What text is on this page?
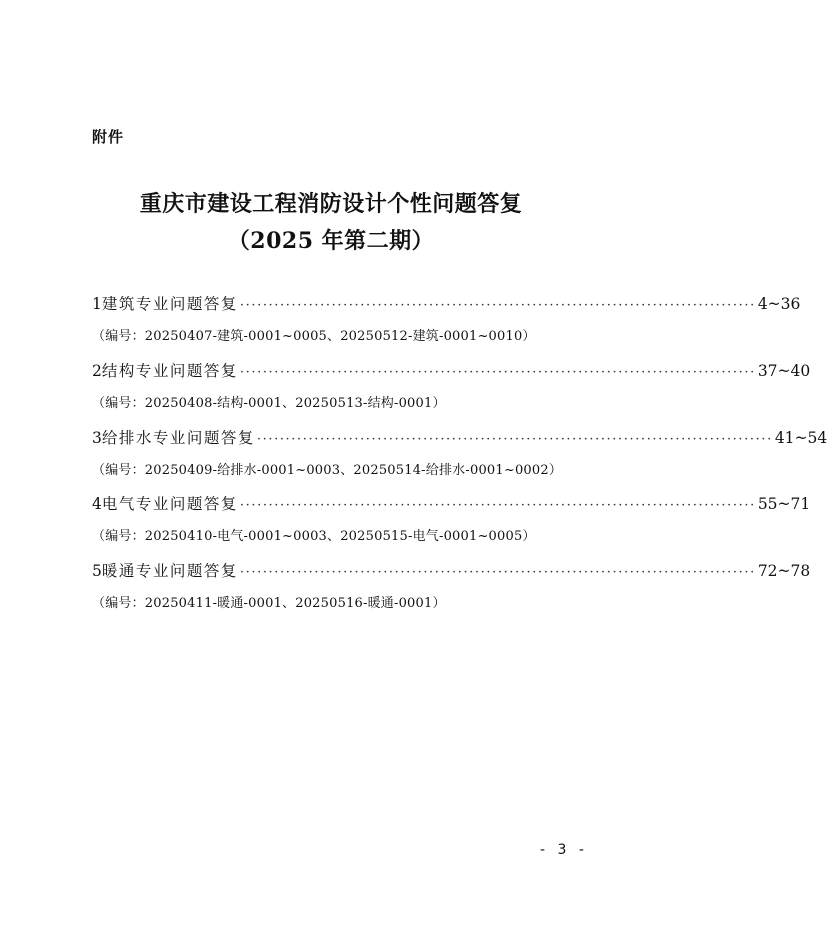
附件
重庆市建设工程消防设计个性问题答复
（2025 年第二期）
1 建筑专业问题答复 ·························································································· 4~36
（编号：20250407-建筑-0001~0005、20250512-建筑-0001~0010）
2 结构专业问题答复 ·························································································· 37~40
（编号：20250408-结构-0001、20250513-结构-0001）
3 给排水专业问题答复 ·························································································· 41~54
（编号：20250409-给排水-0001~0003、20250514-给排水-0001~0002）
4 电气专业问题答复 ·························································································· 55~71
（编号：20250410-电气-0001~0003、20250515-电气-0001~0005）
5 暖通专业问题答复 ·························································································· 72~78
（编号：20250411-暖通-0001、20250516-暖通-0001）
- 3 -
